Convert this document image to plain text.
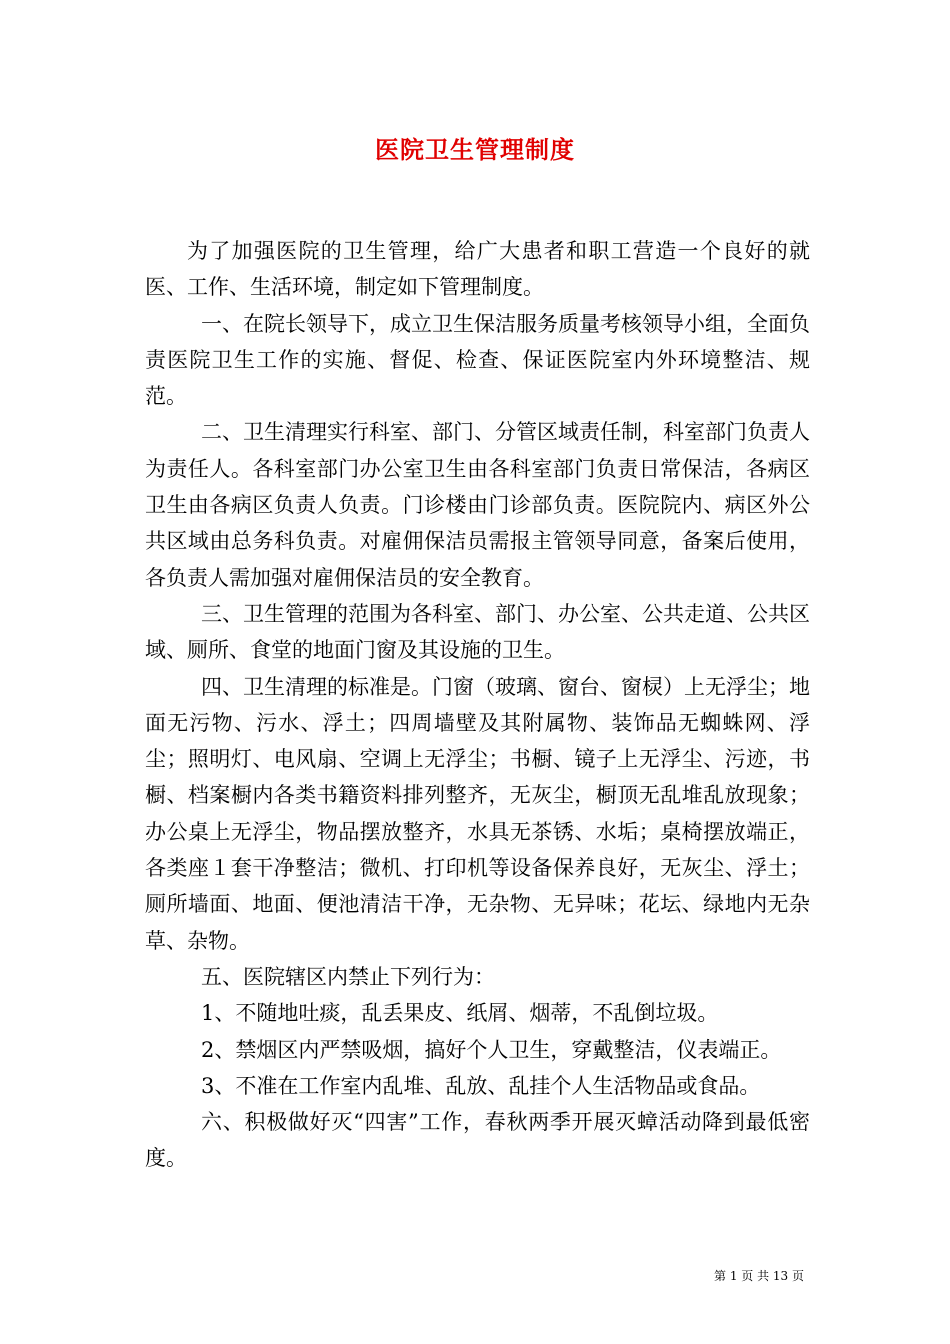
医院卫生管理制度

为了加强医院的卫生管理，给广大患者和职工营造一个良好的就医、工作、生活环境，制定如下管理制度。

一、在院长领导下，成立卫生保洁服务质量考核领导小组，全面负责医院卫生工作的实施、督促、检查、保证医院室内外环境整洁、规范。

二、卫生清理实行科室、部门、分管区域责任制，科室部门负责人为责任人。各科室部门办公室卫生由各科室部门负责日常保洁，各病区卫生由各病区负责人负责。门诊楼由门诊部负责。医院院内、病区外公共区域由总务科负责。对雇佣保洁员需报主管领导同意，备案后使用，各负责人需加强对雇佣保洁员的安全教育。

三、卫生管理的范围为各科室、部门、办公室、公共走道、公共区域、厕所、食堂的地面门窗及其设施的卫生。

四、卫生清理的标准是。门窗（玻璃、窗台、窗棂）上无浮尘；地面无污物、污水、浮土；四周墙壁及其附属物、装饰品无蜘蛛网、浮尘；照明灯、电风扇、空调上无浮尘；书橱、镜子上无浮尘、污迹，书橱、档案橱内各类书籍资料排列整齐，无灰尘，橱顶无乱堆乱放现象；办公桌上无浮尘，物品摆放整齐，水具无茶锈、水垢；桌椅摆放端正，各类座１套干净整洁；微机、打印机等设备保养良好，无灰尘、浮土；厕所墙面、地面、便池清洁干净，无杂物、无异味；花坛、绿地内无杂草、杂物。

五、医院辖区内禁止下列行为：

1、不随地吐痰，乱丢果皮、纸屑、烟蒂，不乱倒垃圾。

2、禁烟区内严禁吸烟，搞好个人卫生，穿戴整洁，仪表端正。

3、不准在工作室内乱堆、乱放、乱挂个人生活物品或食品。

六、积极做好灭“四害”工作，春秋两季开展灭蟑活动降到最低密度。

第 1 页 共 13 页
